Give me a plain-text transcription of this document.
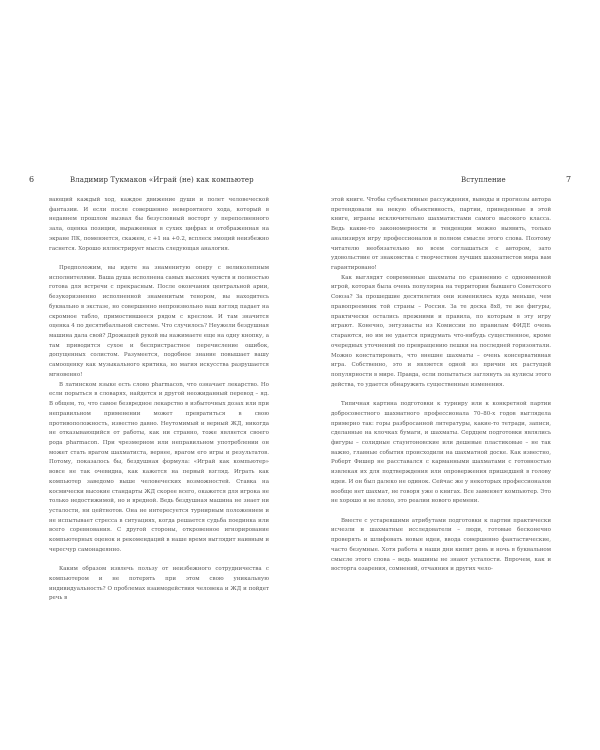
6	Владимир Тукмаков «Играй (не) как компьютер

вающий каждый ход, каждое движение души и полет человеческой фантазии. И если после совершенно невероятного хода, который в недавнем прошлом вызвал бы безусловный восторг у переполненного зала, оценка позиции, выраженная в сухих цифрах и отображенная на экране ПК, поменяется, скажем, с +1 на +0.2, всплеск эмоций неизбежно гаснется. Хорошо иллюстрирует мысль следующая аналогия.

Предположим, вы идете на знаменитую оперу с великолепным исполнителями. Ваша душа исполнена самых высоких чувств и полностью готова для встречи с прекрасным. После окончания центральной арии, безукоризненно исполненной знаменитым тенором, вы находитесь буквально в экстазе, но совершенно непроизвольно ваш взгляд падает на скромное табло, примостившееся рядом с креслом. И там значится оценка 4 по десятибалльной системе. Что случилось? Неужели бездушная машина дала свой? Дрожащей рукой вы нажимаете еще на одну кнопку, а там приводится сухое и беспристрастное перечисление ошибок, допущенных солистом. Разумеется, подобное знание повышает вашу самооценку как музыкального критика, но магия искусства разрушается мгновенно!

В латинском языке есть слово pharmacon, что означает лекарство. Но если порыться в словарях, найдется и другой неожиданный перевод – яд. В общем, то, что самое безвредное лекарство в избыточных дозах или при неправильном применении может превратиться в свою противоположность, известно давно. Неутомимый и верный ЖД, никогда не отказывающийся от работы, как ни странно, тоже является своего рода pharmacon. При чрезмерном или неправильном употреблении он может стать врагом шахматиста, вернее, врагом его игры и результатов. Потому, показалось бы, бездушная формула: «Играй как компьютер» вовсе не так очевидна, как кажется на первый взгляд. Играть как компьютер заведомо выше человеческих возможностей. Ставка на космически высокие стандарты ЖД скорее всего, окажется для игрока не только недостижимой, но и вредной. Ведь бездушная машина не знает ни усталости, ни цейтнотов. Она не интересуется турнирным положением и не испытывает стресса в ситуациях, когда решается судьба поединка или всего соревнования. С другой стороны, откровенное игнорирование компьютерных оценок и рекомендаций в наше время выглядит наивным и чересчур самонадеянно.

Каким образом извлечь пользу от неизбежного сотрудничества с компьютером и не потерять при этом свою уникальную индивидуальность? О проблемах взаимодействия человека и ЖД и пойдет речь в

Вступление	7

этой книге. Чтобы субъективные рассуждения, выводы и прогнозы автора претендовали на некую объективность, партии, приведенные в этой книге, играны исключительно шахматистами самого высокого класса. Ведь какие-то закономерности и тенденции можно выявить, только анализируя игру профессионалов в полном смысле этого слова. Поэтому читателю необязательно во всем соглашаться с автором, зато удовольствие от знакомства с творчеством лучших шахматистов мира вам гарантировано!

Как выглядят современные шахматы по сравнению с одноименной игрой, которая была очень популярна на территории бывшего Советского Союза? За прошедшие десятилетия они изменились куда меньше, чем правопреемник той страны – Россия. За те доска 8х8, те же фигуры, практически остались прежними и правила, по которым в эту игру играют. Конечно, энтузиасты из Комиссии по правилам ФИДЕ очень стараются, но им не удается придумать что-нибудь существенное, кроме очередных уточнений по превращению пешки на последней горизонтали. Можно констатировать, что внешне шахматы – очень консервативная игра. Собственно, это и является одной из причин их растущей популярности в мире. Правда, если попытаться заглянуть за кулисы этого действа, то удается обнаружить существенные изменения.

Типичная картина подготовки к турниру или к конкретной партии добросовестного шахматного профессионала 70–80-х годов выглядела примерно так: горы разбросанной литературы, какие-то тетради, записи, сделанные на клочках бумаги, и шахматы. Сердцем подготовки являлись фигуры – солидные стаунтоновские или дешевые пластиковые – не так важно, главные события происходили на шахматной доске. Как известно, Роберт Фишер не расставался с карманными шахматами с готовностью извлекая их для подтверждения или опровержения пришедшей в голову идеи. И он был далеко не одинок. Сейчас же у некоторых профессионалов вообще нет шахмат, не говоря уже о книгах. Все заменяет компьютер. Это не хорошо и не плохо, это реалии нового времени.

Вместе с устаревшими атрибутами подготовки к партии практически исчезли и шахматные исследователи – люди, готовые бесконечно проверять и шлифовать новые идеи, ввода совершенно фантастические, часто безумные. Хотя работа в наши дни кипит день и ночь в буквальном смысле этого слова – ведь машины не знают усталости. Впрочем, как и восторга озарения, сомнений, отчаяния и других чело-
